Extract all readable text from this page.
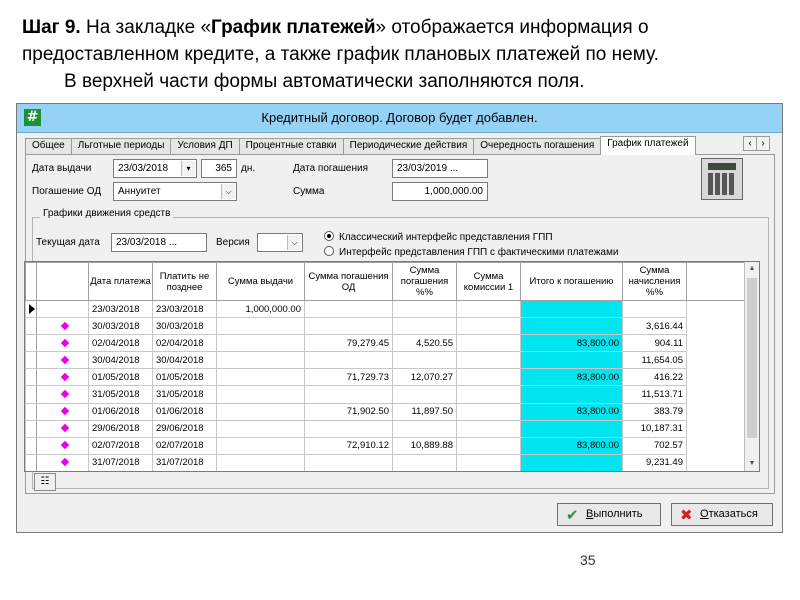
Шаг 9. На закладке «График платежей» отображается информация о предоставленном кредите, а также график плановых платежей по нему.
В верхней части формы автоматически заполняются поля.
#	Кредитный договор. Договор будет добавлен.
Общее Льготные периоды Условия ДП Процентные ставки Периодические действия Очередность погашения График платежей	‹ ›
Дата выдачи	23/03/2018	▾	365 дн.	Дата погашения	23/03/2019 ...
Погашение ОД	Аннуитет	⌵	Сумма	1,000,000.00
Графики движения средств
Текущая дата	23/03/2018 ...	Версия	⌵	Классический интерфейс представления ГПП
Интерфейс представления ГПП с фактическими платежами
		Дата платежа	Платить не позднее	Сумма выдачи	Сумма погашения ОД	Сумма погашения %%	Сумма комиссии 1	Итого к погашению	Сумма начисления %%	
		23/03/2018	23/03/2018	1,000,000.00						
		30/03/2018	30/03/2018						3,616.44	
		02/04/2018	02/04/2018		79,279.45	4,520.55		83,800.00	904.11	
		30/04/2018	30/04/2018						11,654.05	
		01/05/2018	01/05/2018		71,729.73	12,070.27		83,800.00	416.22	
		31/05/2018	31/05/2018						11,513.71	
		01/06/2018	01/06/2018		71,902.50	11,897.50		83,800.00	383.79	
		29/06/2018	29/06/2018						10,187.31	
		02/07/2018	02/07/2018		72,910.12	10,889.88		83,800.00	702.57	
		31/07/2018	31/07/2018						9,231.49	
▲
▼
☷
✔ Выполнить	✖ Отказаться
35
